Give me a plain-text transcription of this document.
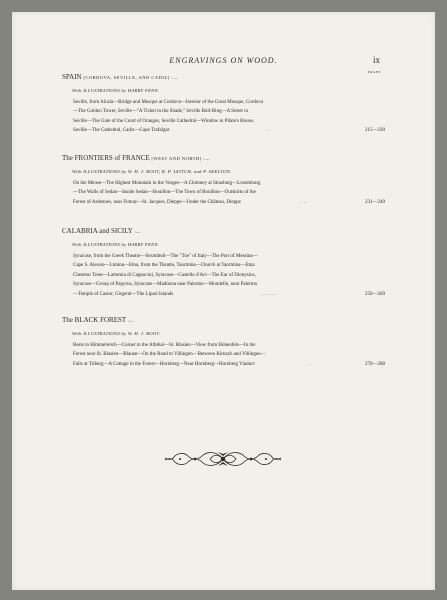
ENGRAVINGS ON WOOD.	ix
PAGES
SPAIN [CORDOVA, SEVILLE, AND CADIZ] :—
With ILLUSTRATIONS by HARRY FENN.
Seville, from Alcala—Bridge and Mosque at Cordova—Interior of the Great Mosque, Cordova
—The Golden Tower, Seville—"A Ticket in the Shade," Seville Bull-Ring—A Street in
Seville—The Gate of the Court of Oranges, Seville Cathedral—Window in Pilate's House,
Seville—The Cathedral, Cadiz—Cape Trafalgar	.	215—230
The FRONTIERS of FRANCE [WEST AND NORTH] :—
With ILLUSTRATIONS by W. H. J. BOOT, R. P. LEITCH, and P. SKELTON.
On the Meuse—The Highest Mountain in the Vosges—A Chimney at Strasburg—Luxemburg
—The Walls of Sedan—Inside Sedan—Bouillon—The Town of Bouillon—Outskirts of the
Forest of Ardennes, near Fumay—St. Jacques, Dieppe—Under the Château, Dieppe	. .	231—249
CALABRIA and SICILY :—
With ILLUSTRATIONS by HARRY FENN.
Syracuse, from the Greek Theatre—Stromboli—The "Toe" of Italy—The Port of Messina—
Cape S. Alessio—Limina—Etna, from the Theatre, Taormina—Church at Taormina—Etna
Chestnut Trees—Lattomia di Cappucini, Syracuse—Castello d'Aci—The Ear of Dionysius,
Syracuse—Group of Papyrus, Syracuse—Madonna near Palermo—Mondello, near Palermo
—Temple of Castor, Girgenti—The Lipari Islands	. . . . . .	250—269
The BLACK FOREST :—
With ILLUSTRATIONS by W. H. J. BOOT.
Rests in Himmelreich—Corner in the Albthal—St. Blasien—View from Hohenfels—In the
Forest near St. Blasien—Blauen—On the Road to Villingen—Between Kirnach and Villingen—
Falls at Triberg—A Cottage in the Forest—Hornberg—Near Hornberg—Hornberg Viaduct	.	270—288
